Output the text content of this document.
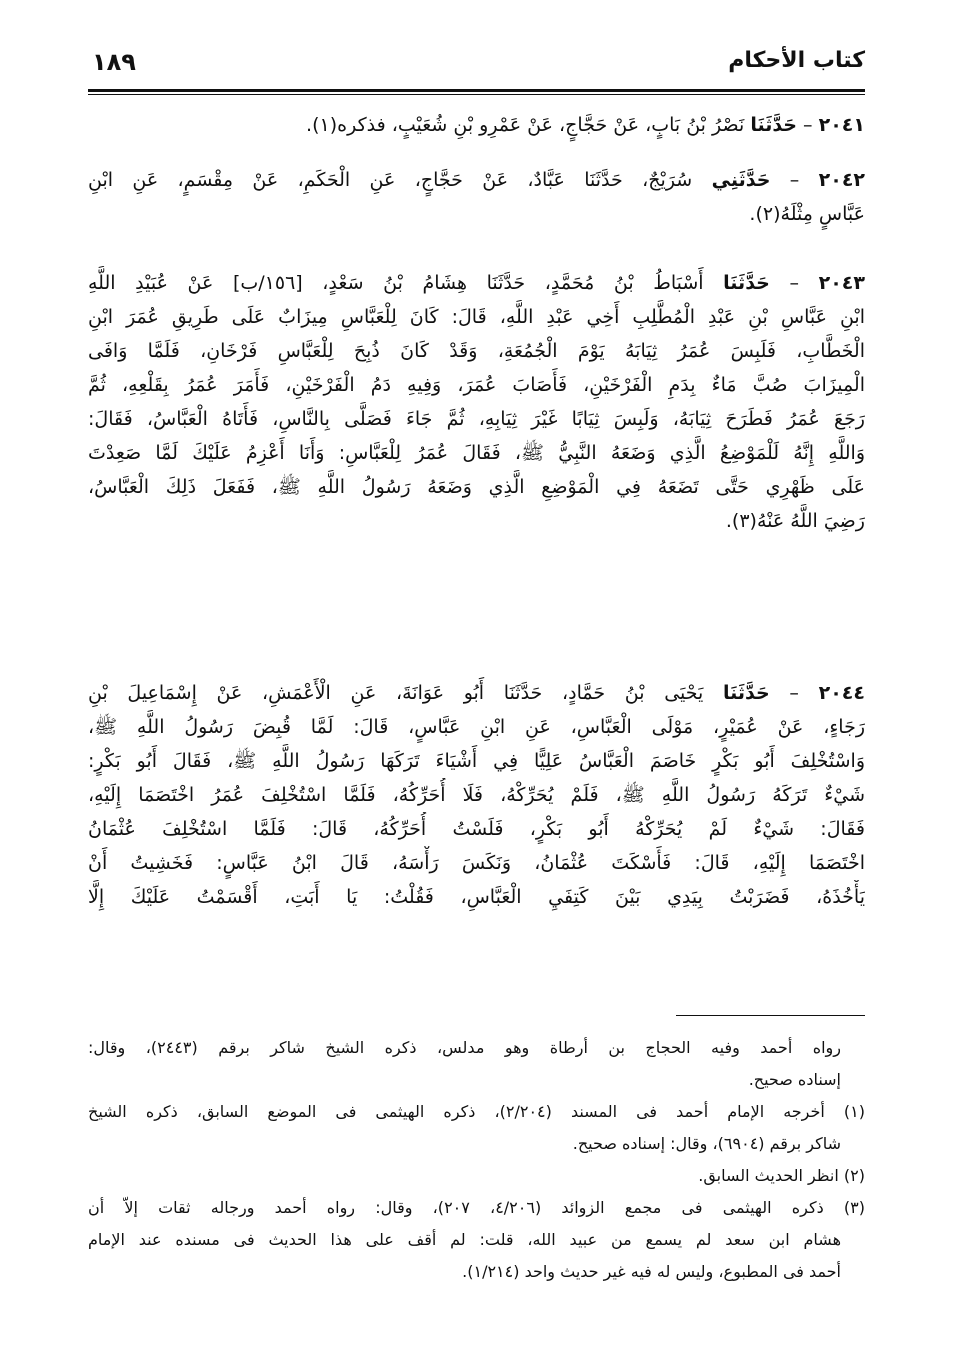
١٨٩	كتاب الأحكام
٢٠٤١ – حَدَّثَنَا نَصْرُ بْنُ بَابٍ، عَنْ حَجَّاجٍ، عَنْ عَمْرِو بْنِ شُعَيْبٍ، فذكره(١).
٢٠٤٢ – حَدَّثَنِي سُرَيْجٌ، حَدَّثَنَا عَبَّادٌ، عَنْ حَجَّاجٍ، عَنِ الْحَكَمِ، عَنْ مِقْسَمٍ، عَنِ ابْنِ
عَبَّاسٍ مِثْلَهُ(٢).
٢٠٤٣ – حَدَّثَنَا أَسْبَاطُ بْنُ مُحَمَّدٍ، حَدَّثَنَا هِشَامُ بْنُ سَعْدٍ، [١٥٦/ب] عَنْ عُبَيْدِ اللَّهِ
ابْنِ عَبَّاسِ بْنِ عَبْدِ الْمُطَّلِبِ أَخِي عَبْدِ اللَّهِ، قَالَ: كَانَ لِلْعَبَّاسِ مِيزَابٌ عَلَى طَرِيقِ عُمَرَ ابْنِ
الْخَطَّابِ، فَلَبِسَ عُمَرُ ثِيَابَهُ يَوْمَ الْجُمُعَةِ، وَقَدْ كَانَ ذُبِحَ لِلْعَبَّاسِ فَرْخَانِ، فَلَمَّا وَافَى
الْمِيزَابَ صُبَّ مَاءٌ بِدَمِ الْفَرْخَيْنِ، فَأَصَابَ عُمَرَ، وَفِيهِ دَمُ الْفَرْخَيْنِ، فَأَمَرَ عُمَرُ بِقَلْعِهِ، ثُمَّ
رَجَعَ عُمَرُ فَطَرَحَ ثِيَابَهُ، وَلَبِسَ ثِيَابًا غَيْرَ ثِيَابِهِ، ثُمَّ جَاءَ فَصَلَّى بِالنَّاسِ، فَأَتَاهُ الْعَبَّاسُ، فَقَالَ:
وَاللَّهِ إِنَّهُ لَلْمَوْضِعُ الَّذِي وَضَعَهُ النَّبِيُّ ﷺ، فَقَالَ عُمَرُ لِلْعَبَّاسِ: وَأَنَا أَعْزِمُ عَلَيْكَ لَمَّا صَعِدْتَ
عَلَى ظَهْرِي حَتَّى تَضَعَهُ فِي الْمَوْضِعِ الَّذِي وَضَعَهُ رَسُولُ اللَّهِ ﷺ، فَفَعَلَ ذَلِكَ الْعَبَّاسُ،
رَضِيَ اللَّهُ عَنْهُ(٣).
٢٠٤٤ – حَدَّثَنَا يَحْيَى بْنُ حَمَّادٍ، حَدَّثَنَا أَبُو عَوَانَةَ، عَنِ الْأَعْمَشِ، عَنْ إِسْمَاعِيلَ بْنِ
رَجَاءٍ، عَنْ عُمَيْرٍ، مَوْلَى الْعَبَّاسِ، عَنِ ابْنِ عَبَّاسٍ، قَالَ: لَمَّا قُبِضَ رَسُولُ اللَّهِ ﷺ،
وَاسْتُخْلِفَ أَبُو بَكْرٍ خَاصَمَ الْعَبَّاسُ عَلِيًّا فِي أَشْيَاءَ تَرَكَهَا رَسُولُ اللَّهِ ﷺ، فَقَالَ أَبُو بَكْرٍ:
شَيْءٌ تَرَكَهُ رَسُولُ اللَّهِ ﷺ، فَلَمْ يُحَرِّكْهُ، فَلَا أُحَرِّكُهُ، فَلَمَّا اسْتُخْلِفَ عُمَرُ اخْتَصَمَا إِلَيْهِ،
فَقَالَ: شَيْءٌ لَمْ يُحَرِّكْهُ أَبُو بَكْرٍ، فَلَسْتُ أُحَرِّكُهُ، قَالَ: فَلَمَّا اسْتُخْلِفَ عُثْمَانُ
اخْتَصَمَا إِلَيْهِ، قَالَ: فَأَسْكَتَ عُثْمَانُ، وَنَكَسَ رَأْسَهُ، قَالَ ابْنُ عَبَّاسٍ: فَخَشِيتُ أَنْ
يَأْخُذَهُ، فَضَرَبْتُ بِيَدِي بَيْنَ كَتِفَيِ الْعَبَّاسِ، فَقُلْتُ: يَا أَبَتِ، أَقْسَمْتُ عَلَيْكَ إِلَّا
رواه أحمد وفيه الحجاج بن أرطاة وهو مدلس، ذكره الشيخ شاكر برقم (٢٤٤٣)، وقال:
إسناده صحيح.
(١) أخرجه الإمام أحمد فى المسند (٢/٢٠٤)، ذكره الهيثمى فى الموضع السابق، ذكره الشيخ
شاكر برقم (٦٩٠٤)، وقال: إسناده صحيح.
(٢) انظر الحديث السابق.
(٣) ذكره الهيثمى فى مجمع الزوائد (٤/٢٠٦، ٢٠٧)، وقال: رواه أحمد ورجاله ثقات إلاّ أن
هشام ابن سعد لم يسمع من عبيد الله، قلت: لم أقف على هذا الحديث فى مسنده عند الإمام
أحمد فى المطبوع، وليس له فيه غير حديث واحد (١/٢١٤).
